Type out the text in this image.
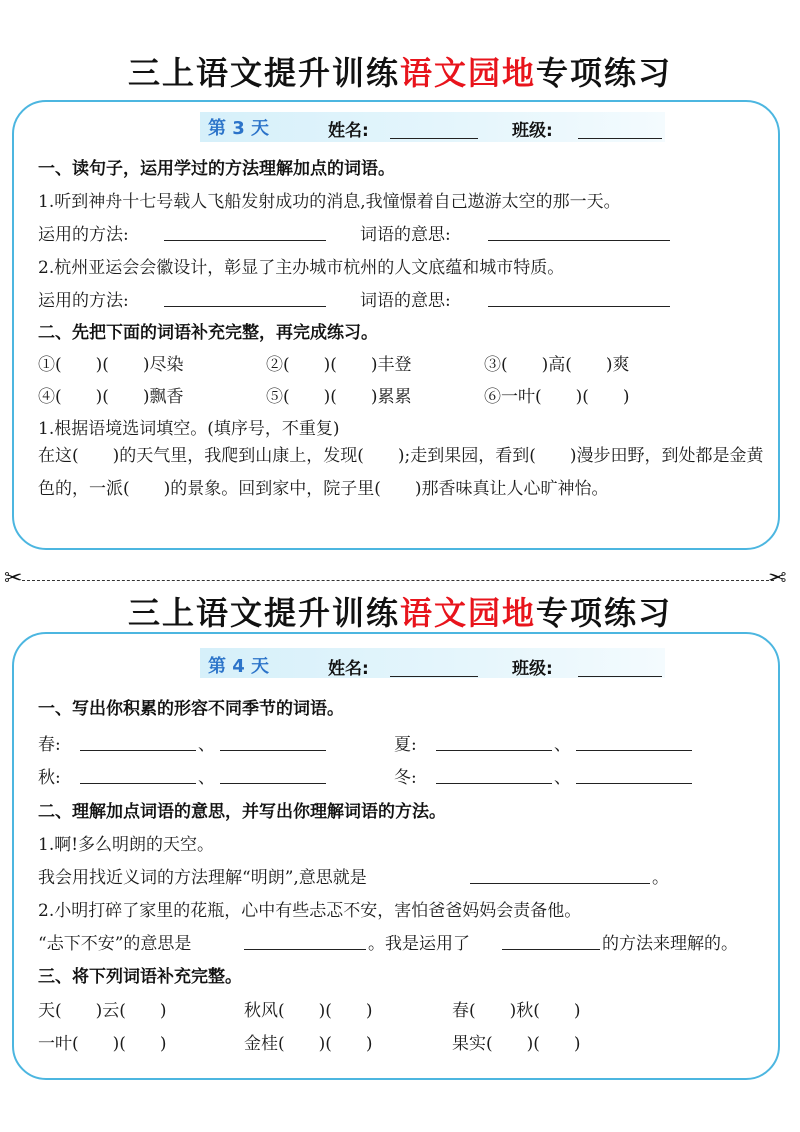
三上语文提升训练语文园地专项练习
第 3 天	姓名:	班级:
一、读句子，运用学过的方法理解加点的词语。
1.听到神舟十七号载人飞船发射成功的消息,我憧憬着自己遨游太空的那一天。
运用的方法:	词语的意思:
2.杭州亚运会会徽设计，彰显了主办城市杭州的人文底蕴和城市特质。
运用的方法:	词语的意思:
二、先把下面的词语补充完整，再完成练习。
①(　　)(　　)尽染	②(　　)(　　)丰登	③(　　)高(　　)爽
④(　　)(　　)飘香	⑤(　　)(　　)累累	⑥一叶(　　)(　　)
1.根据语境选词填空。(填序号，不重复)
在这(　　)的天气里，我爬到山康上，发现(　　);走到果园，看到(　　)漫步田野，到处都是金黄色的，一派(　　)的景象。回到家中，院子里(　　)那香味真让人心旷神怡。
✂	✂
三上语文提升训练语文园地专项练习
第 4 天	姓名:	班级:
一、写出你积累的形容不同季节的词语。
春:	、	夏:	、
秋:	、	冬:	、
二、理解加点词语的意思，并写出你理解词语的方法。
1.啊!多么明朗的天空。
我会用找近义词的方法理解“明朗”,意思就是	。
2.小明打碎了家里的花瓶，心中有些忐忑不安，害怕爸爸妈妈会责备他。
“忐下不安”的意思是	。我是运用了	的方法来理解的。
三、将下列词语补充完整。
天(　　)云(　　)	秋风(　　)(　　)	春(　　)秋(　　)
一叶(　　)(　　)	金桂(　　)(　　)	果实(　　)(　　)
